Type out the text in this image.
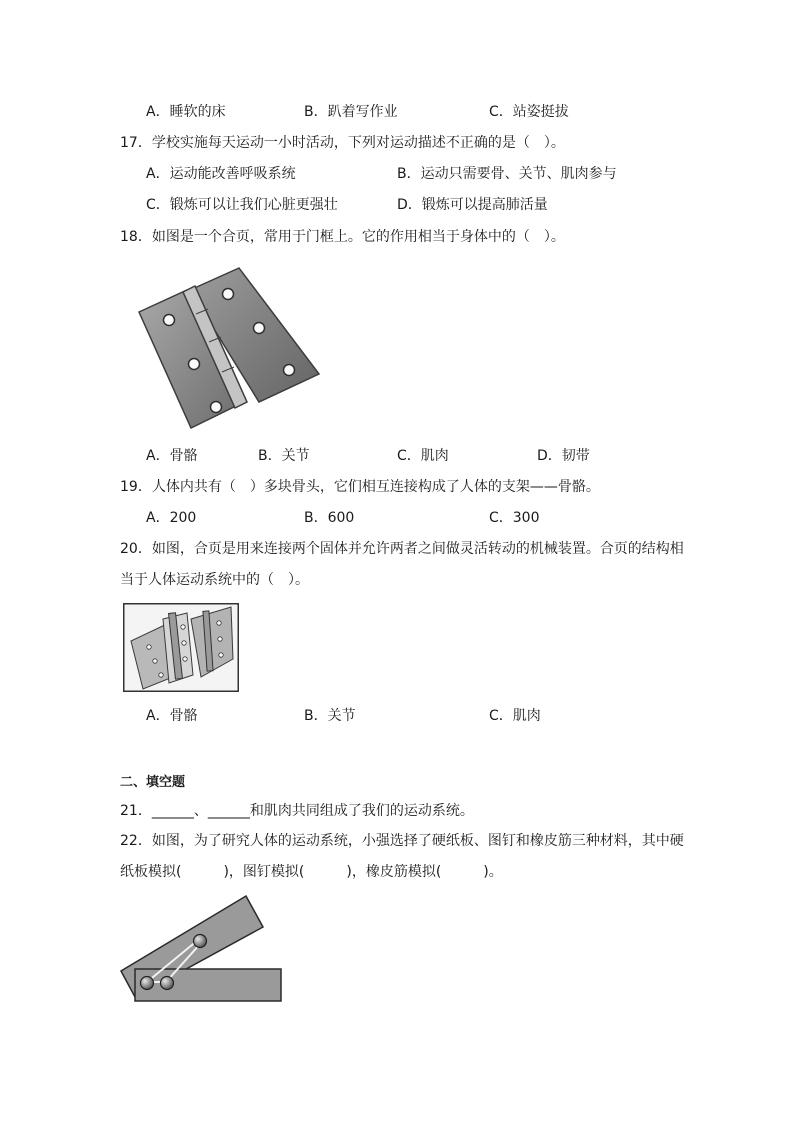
A．睡软的床	B．趴着写作业	C．站姿挺拔
17．学校实施每天运动一小时活动，下列对运动描述不正确的是（　）。
A．运动能改善呼吸系统	B．运动只需要骨、关节、肌肉参与
C．锻炼可以让我们心脏更强壮	D．锻炼可以提高肺活量
18．如图是一个合页，常用于门框上。它的作用相当于身体中的（　）。
A．骨骼	B．关节	C．肌肉	D．韧带
19．人体内共有（　）多块骨头，它们相互连接构成了人体的支架——骨骼。
A．200	B．600	C．300
20．如图，合页是用来连接两个固体并允许两者之间做灵活转动的机械装置。合页的结构相
当于人体运动系统中的（　）。
A．骨骼	B．关节	C．肌肉
二、填空题
21．______、______和肌肉共同组成了我们的运动系统。
22．如图，为了研究人体的运动系统，小强选择了硬纸板、图钉和橡皮筋三种材料，其中硬
纸板模拟(　　　)，图钉模拟(　　　)，橡皮筋模拟(　　　)。
